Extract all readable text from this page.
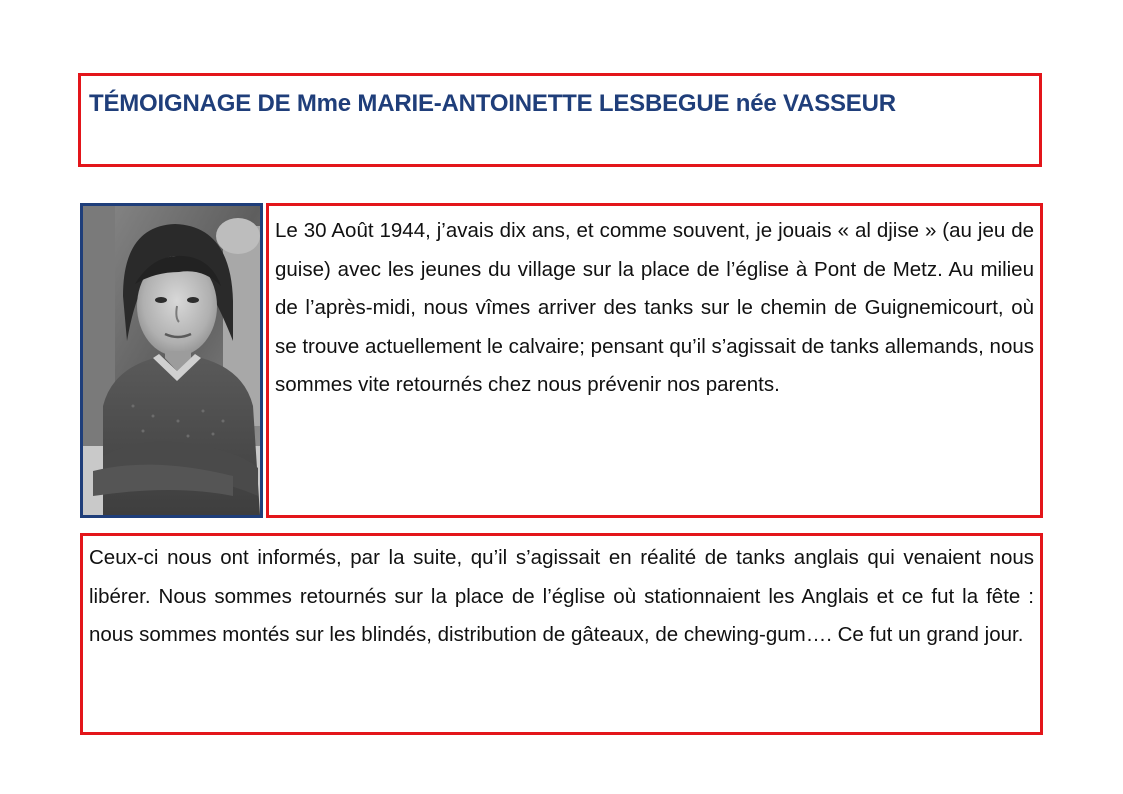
TÉMOIGNAGE DE Mme MARIE-ANTOINETTE LESBEGUE née VASSEUR

Le 30 Août 1944, j’avais dix ans, et comme souvent, je jouais « al djise » (au jeu de guise) avec les jeunes du village sur la place de l’église à Pont de Metz. Au milieu de l’après-midi, nous vîmes arriver des tanks sur le chemin de Guignemicourt, où se trouve actuellement le calvaire; pensant qu’il s’agissait de tanks allemands, nous sommes vite retournés chez nous prévenir nos parents.

Ceux-ci nous ont informés, par la suite, qu’il s’agissait en réalité de tanks anglais qui venaient nous libérer. Nous sommes retournés sur la place de l’église où stationnaient les Anglais et ce fut la fête : nous sommes montés sur les blindés, distribution de gâteaux, de chewing-gum…. Ce fut un grand jour.
